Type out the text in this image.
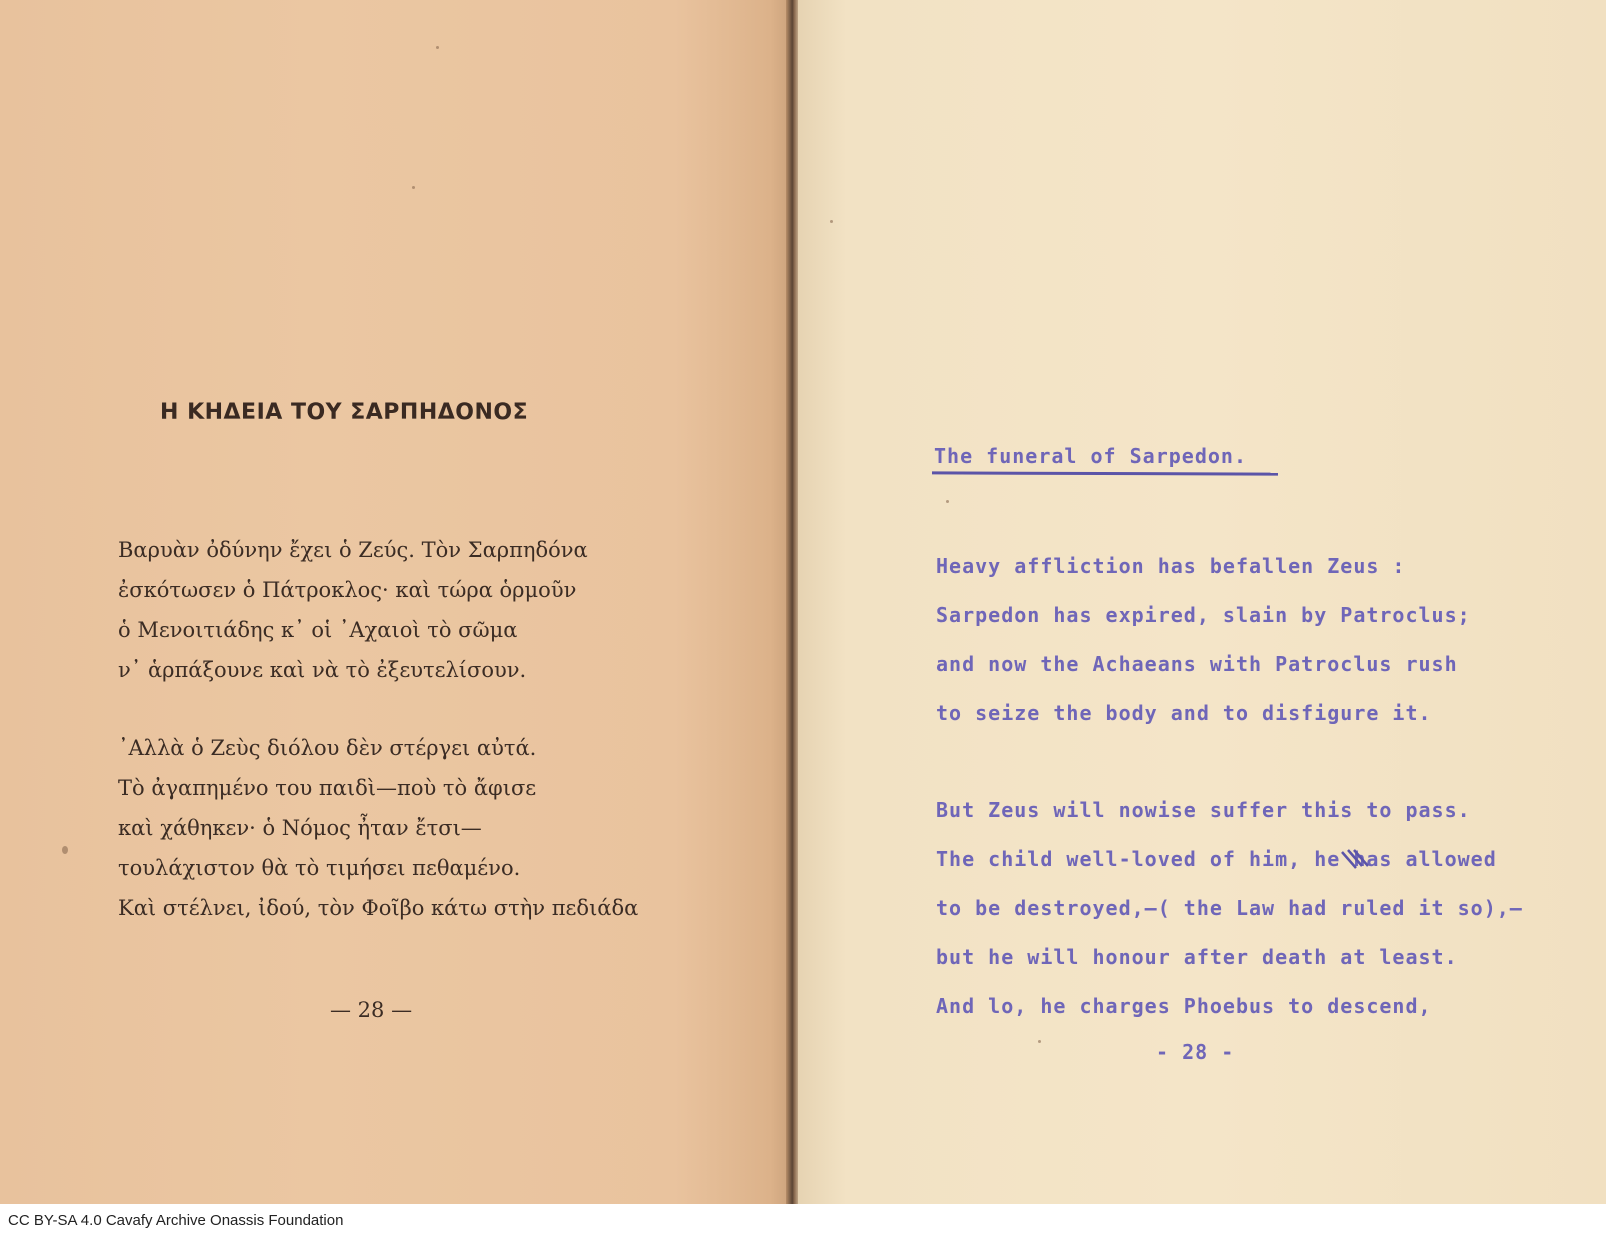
Η ΚΗΔΕΙΑ ΤΟΥ ΣΑΡΠΗΔΟΝΟΣ
Βαρυὰν ὀδύνην ἔχει ὁ Ζεύς. Τὸν Σαρπηδόνα
ἐσκότωσεν ὁ Πάτροκλος· καὶ τώρα ὁρμοῦν
ὁ Μενοιτιάδης κ᾽ οἱ ᾽Αχαιοὶ τὸ σῶμα
ν᾽ ἁρπάξουνε καὶ νὰ τὸ ἐξευτελίσουν.
᾽Αλλὰ ὁ Ζεὺς διόλου δὲν στέργει αὐτά.
Τὸ ἀγαπημένο του παιδὶ—ποὺ τὸ ἄφισε
καὶ χάθηκεν· ὁ Νόμος ἦταν ἔτσι—
τουλάχιστον θὰ τὸ τιμήσει πεθαμένο.
Καὶ στέλνει, ἰδού, τὸν Φοῖβο κάτω στὴν πεδιάδα
— 28 —
The funeral of Sarpedon.
Heavy affliction has befallen Zeus :
Sarpedon has expired, slain by Patroclus;
and now the Achaeans with Patroclus rush
to seize the body and to disfigure it.
But Zeus will nowise suffer this to pass.
The child well-loved of him, he has allowed
to be destroyed,—( the Law had ruled it so),—
but he will honour after death at least.
And lo, he charges Phoebus to descend,
- 28 -
CC BY-SA 4.0 Cavafy Archive Onassis Foundation
